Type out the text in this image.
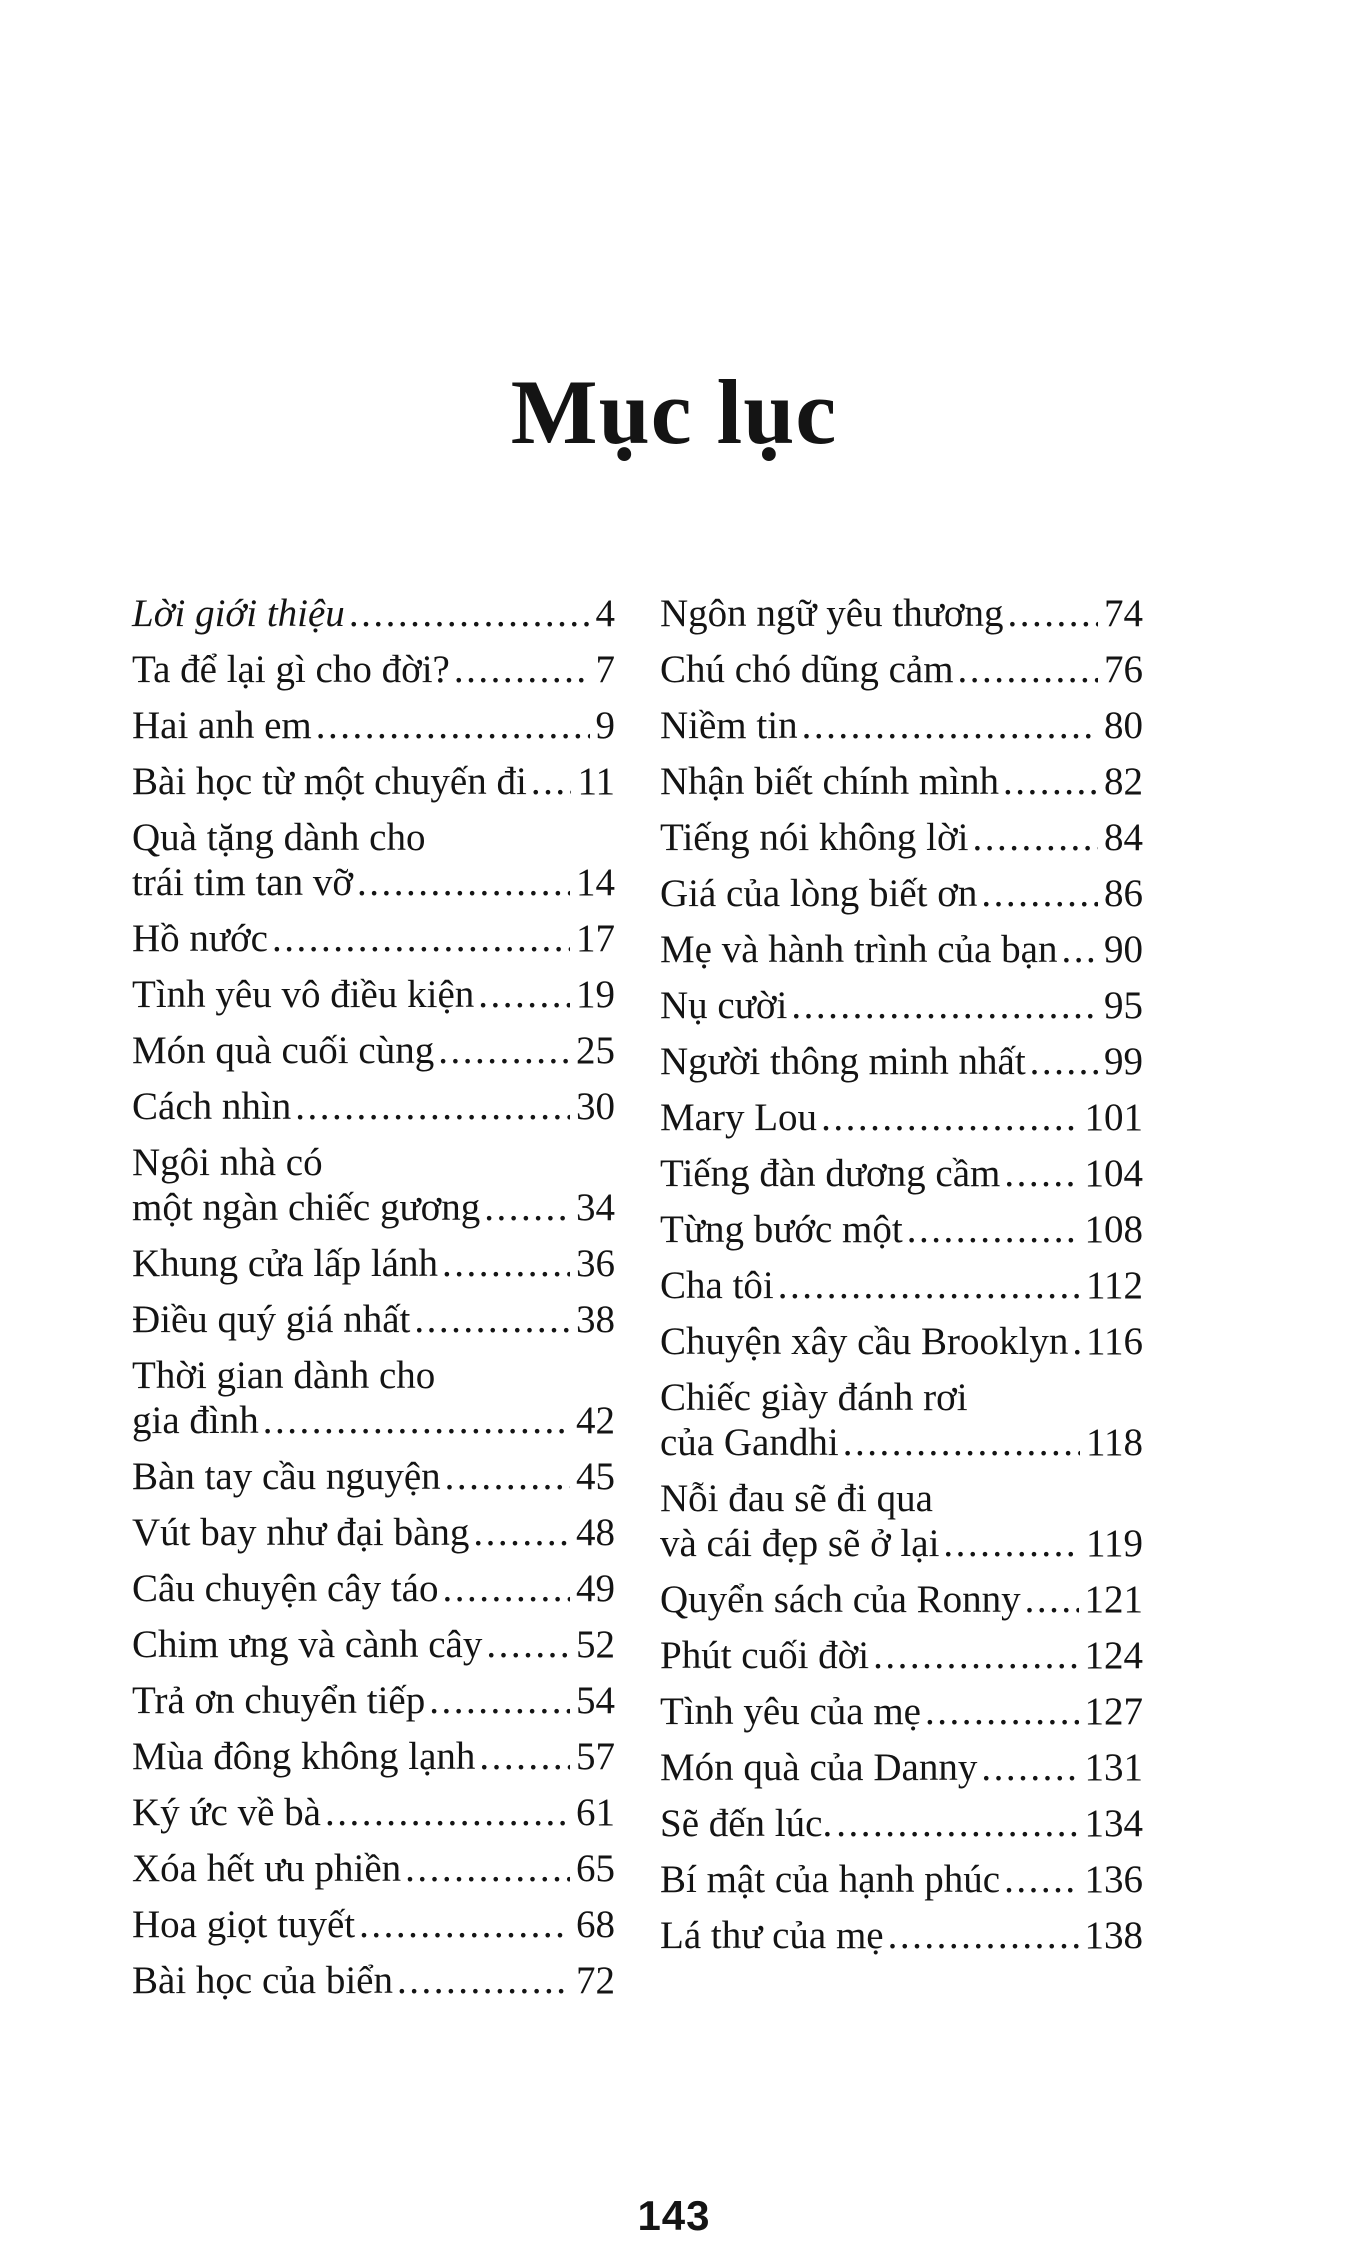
Mục lục
Lời giới thiệu .....	4
Ta để lại gì cho đời? .....	7
Hai anh em .....	9
Bài học từ một chuyến đi ..... 11
Quà tặng dành cho
trái tim tan vỡ .....	14
Hồ nước .....	17
Tình yêu vô điều kiện .....	19
Món quà cuối cùng .....	25
Cách nhìn .....	30
Ngôi nhà có
một ngàn chiếc gương ..... 34
Khung cửa lấp lánh .....	36
Điều quý giá nhất .....	38
Thời gian dành cho
gia đình .....	42
Bàn tay cầu nguyện .....	45
Vút bay như đại bàng .....	48
Câu chuyện cây táo .....	49
Chim ưng và cành cây ..... 52
Trả ơn chuyển tiếp .....	54
Mùa đông không lạnh .....	57
Ký ức về bà .....	61
Xóa hết ưu phiền .....	65
Hoa giọt tuyết .....	68
Bài học của biển .....	72
Ngôn ngữ yêu thương .....	74
Chú chó dũng cảm .....	76
Niềm tin .....	80
Nhận biết chính mình .....	82
Tiếng nói không lời .....	84
Giá của lòng biết ơn .....	86
Mẹ và hành trình của bạn ..... 90
Nụ cười .....	95
Người thông minh nhất ..... 99
Mary Lou .....	101
Tiếng đàn dương cầm ..... 104
Từng bước một .....	108
Cha tôi .....	112
Chuyện xây cầu Brooklyn ..... 116
Chiếc giày đánh rơi
của Gandhi .....	118
Nỗi đau sẽ đi qua
và cái đẹp sẽ ở lại .....	119
Quyển sách của Ronny ..... 121
Phút cuối đời .....	124
Tình yêu của mẹ .....	127
Món quà của Danny .....	131
Sẽ đến lúc. .....	134
Bí mật của hạnh phúc ..... 136
Lá thư của mẹ .....	138
143
